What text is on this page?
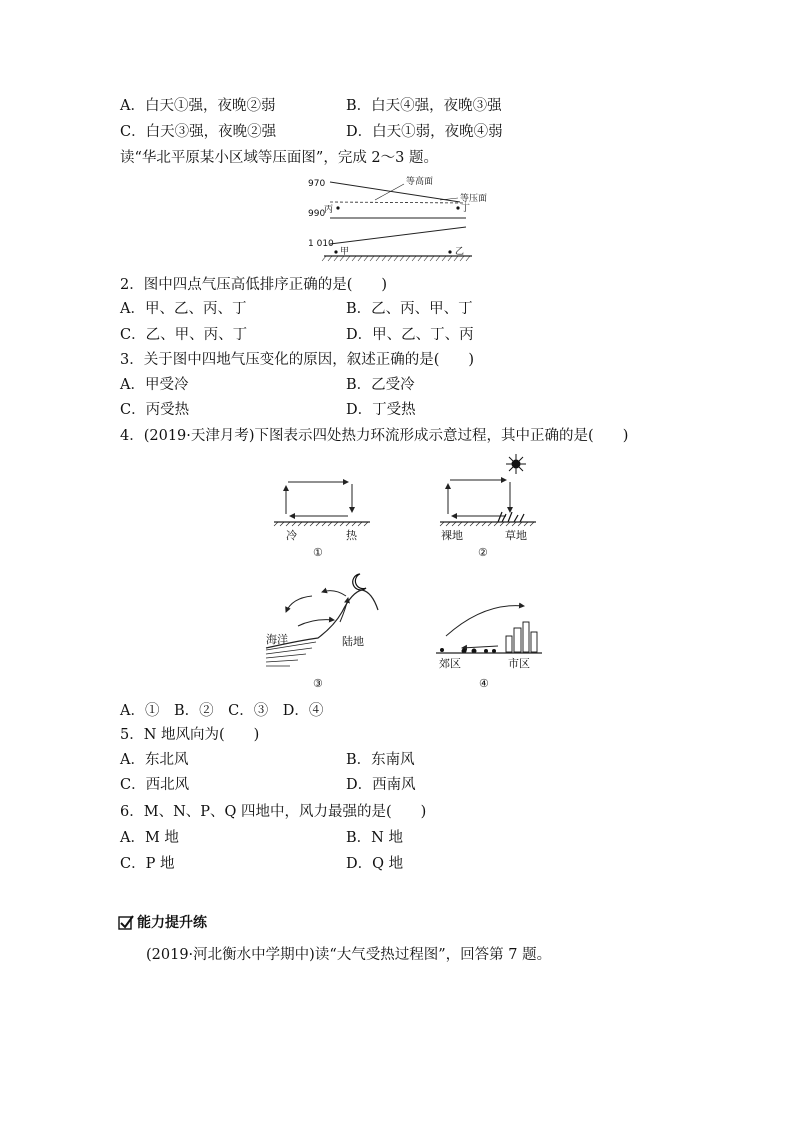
A．白天①强，夜晚②弱	B．白天④强，夜晚③强
C．白天③强，夜晚②强	D．白天①弱，夜晚④弱
读“华北平原某小区域等压面图”，完成 2～3 题。
970
990
1 010
等高面
等压面
丙	丁
甲	乙
2．图中四点气压高低排序正确的是(　　)
A．甲、乙、丙、丁	B．乙、丙、甲、丁
C．乙、甲、丙、丁	D．甲、乙、丁、丙
3．关于图中四地气压变化的原因，叙述正确的是(　　)
A．甲受冷	B．乙受冷
C．丙受热	D．丁受热
4．(2019·天津月考)下图表示四处热力环流形成示意过程，其中正确的是(　　)
冷	热
①
裸地	草地
②
海洋	陆地
③
郊区	市区
④
A．①　B．②　C．③　D．④
5．N 地风向为(　　)
A．东北风	B．东南风
C．西北风	D．西南风
6．M、N、P、Q 四地中，风力最强的是(　　)
A．M 地	B．N 地
C．P 地	D．Q 地
能力提升练
(2019·河北衡水中学期中)读“大气受热过程图”，回答第 7 题。
